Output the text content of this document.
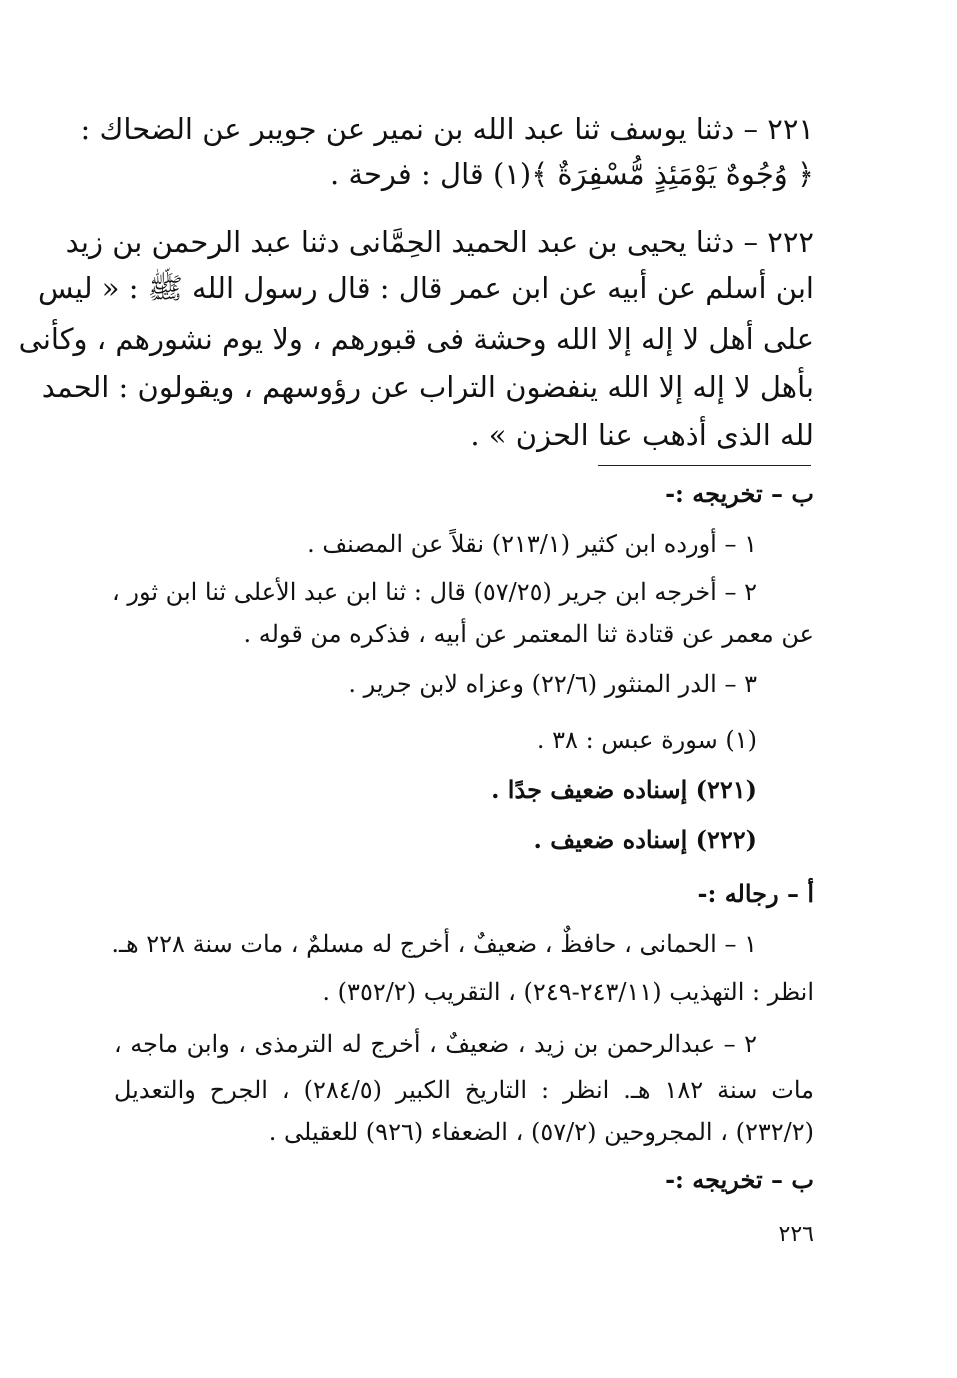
٢٢١ – دثنا يوسف ثنا عبد الله بن نمير عن جويبر عن الضحاك :
﴿ وُجُوهٌ يَوْمَئِذٍ مُّسْفِرَةٌ ﴾(١) قال : فرحة .
٢٢٢ – دثنا يحيى بن عبد الحميد الحِمَّانى دثنا عبد الرحمن بن زيد
ابن أسلم عن أبيه عن ابن عمر قال : قال رسول الله ﷺ : « ليس
على أهل لا إله إلا الله وحشة فى قبورهم ، ولا يوم نشورهم ، وكأنى
بأهل لا إله إلا الله ينفضون التراب عن رؤوسهم ، ويقولون : الحمد
لله الذى أذهب عنا الحزن » .
ب – تخريجه :-
١ – أورده ابن كثير (٢١٣/١) نقلاً عن المصنف .
٢ – أخرجه ابن جرير (٥٧/٢٥) قال : ثنا ابن عبد الأعلى ثنا ابن ثور ،
عن معمر عن قتادة ثنا المعتمر عن أبيه ، فذكره من قوله .
٣ – الدر المنثور (٢٢/٦) وعزاه لابن جرير .
(١) سورة عبس : ٣٨ .
(٢٢١) إسناده ضعيف جدًا .
(٢٢٢) إسناده ضعيف .
أ – رجاله :-
١ – الحمانى ، حافظٌ ، ضعيفٌ ، أخرج له مسلمٌ ، مات سنة ٢٢٨ هـ.
انظر : التهذيب (٢٤٣/١١-٢٤٩) ، التقريب (٣٥٢/٢) .
٢ – عبدالرحمن بن زيد ، ضعيفٌ ، أخرج له الترمذى ، وابن ماجه ،
مات سنة ١٨٢ هـ. انظر : التاريخ الكبير (٢٨٤/٥) ، الجرح والتعديل
(٢٣٢/٢) ، المجروحين (٥٧/٢) ، الضعفاء (٩٢٦) للعقيلى .
ب – تخريجه :-
٢٢٦
